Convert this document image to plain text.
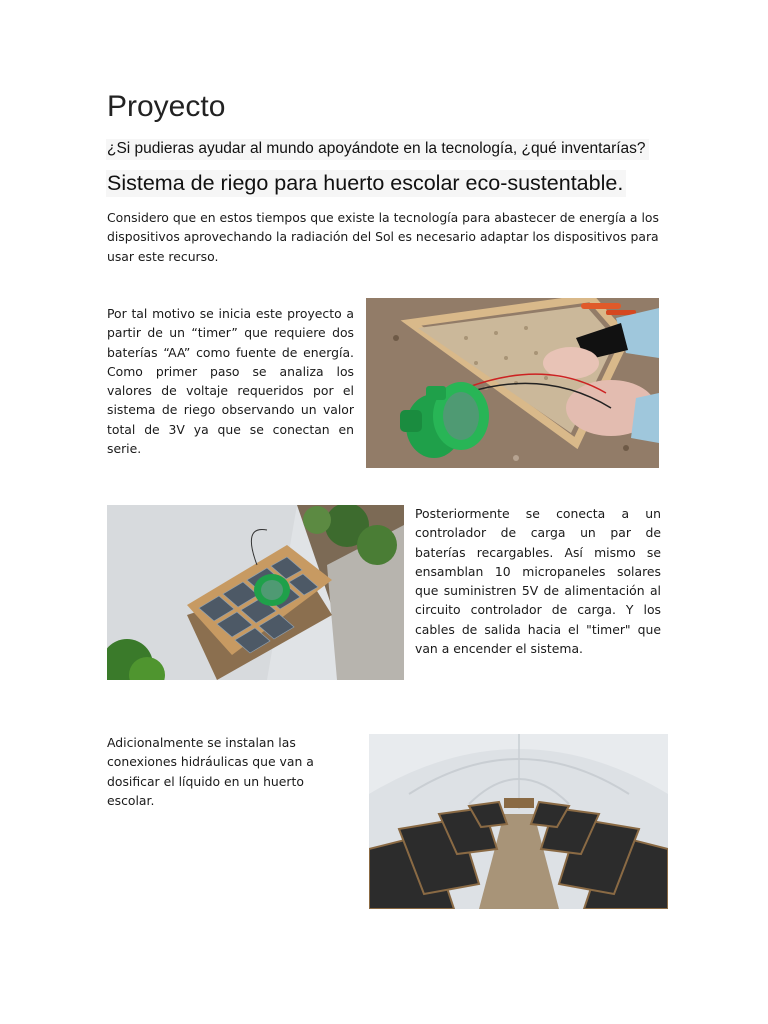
Proyecto
¿Si pudieras ayudar al mundo apoyándote en la tecnología, ¿qué inventarías?
Sistema de riego para huerto escolar eco-sustentable.

Considero que en estos tiempos que existe la tecnología para abastecer de energía a los dispositivos aprovechando la radiación del Sol es necesario adaptar los dispositivos para usar este recurso.

Por tal motivo se inicia este proyecto a partir de un “timer” que requiere dos baterías “AA” como fuente de energía. Como primer paso se analiza los valores de voltaje requeridos por el sistema de riego observando un valor total de 3V ya que se conectan en serie.

Posteriormente se conecta a un controlador de carga un par de baterías recargables. Así mismo se ensamblan 10 micropaneles solares que suministren 5V de alimentación al circuito controlador de carga. Y los cables de salida hacia el "timer" que van a encender el sistema.

Adicionalmente se instalan las conexiones hidráulicas que van a dosificar el líquido en un huerto escolar.
